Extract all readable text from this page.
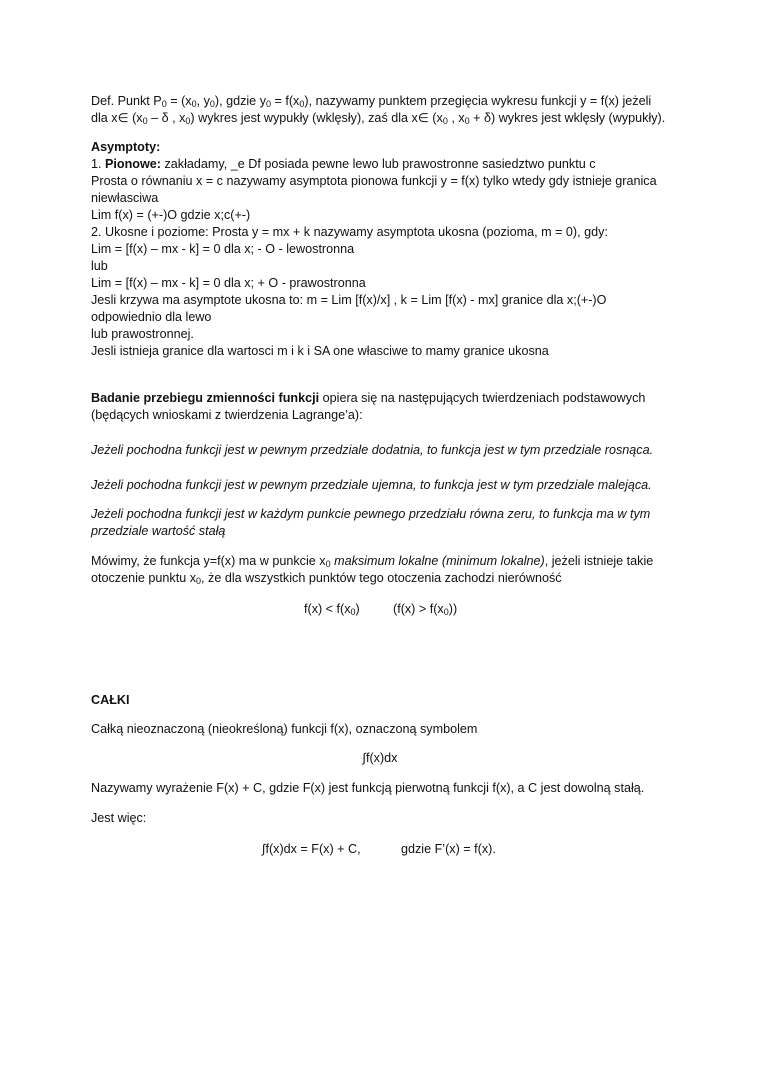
Def. Punkt $P_0 = (x_0$, $y_0$), gdzie $y_0 = f(x_0)$, nazywamy punktem przegięcia wykresu funkcji y = f(x) jeżeli
dla x∈ ($x_0$ – δ , $x_0$) wykres jest wypukły (wklęsły), zaś dla x∈ ($x_0$ , $x_0 + \delta$) wykres jest wklęsły (wypukły).
Asymptoty:
1. Pionowe: zakładamy, _e Df posiada pewne lewo lub prawostronne sasiedztwo punktu c
Prosta o równaniu x = c nazywamy asymptota pionowa funkcji y = f(x) tylko wtedy gdy istnieje granica
niewłasciwa
Lim f(x) = (+-)O gdzie x;c(+-)
2. Ukosne i poziome: Prosta y = mx + k nazywamy asymptota ukosna (pozioma, m = 0), gdy:
Lim = [f(x) – mx - k] = 0 dla x; - O - lewostronna
lub
Lim = [f(x) – mx - k] = 0 dla x; + O - prawostronna
Jesli krzywa ma asymptote ukosna to: m = Lim [f(x)/x] , k = Lim [f(x) - mx] granice dla x;(+-)O
odpowiednio dla lewo
lub prawostronnej.
Jesli istnieja granice dla wartosci m i k i SA one własciwe to mamy granice ukosna
Badanie przebiegu zmienności funkcji opiera się na następujących twierdzeniach podstawowych
(będących wnioskami z twierdzenia Lagrange’a):
Jeżeli pochodna funkcji jest w pewnym przedziale dodatnia, to funkcja jest w tym przedziale rosnąca.
Jeżeli pochodna funkcji jest w pewnym przedziale ujemna, to funkcja jest w tym przedziale malejąca.
Jeżeli pochodna funkcji jest w każdym punkcie pewnego przedziału równa zeru, to funkcja ma w tym
przedziale wartość stałą
Mówimy, że funkcja y=f(x) ma w punkcie $x_0$ maksimum lokalne (minimum lokalne), jeżeli istnieje takie
otoczenie punktu $x_0$, że dla wszystkich punktów tego otoczenia zachodzi nierówność
$f(x) < f(x_0)$	$(f(x) > f(x_0))$
CAŁKI
Całką nieoznaczoną (nieokreśloną) funkcji f(x), oznaczoną symbolem
∫f(x)dx
Nazywamy wyrażenie F(x) + C, gdzie F(x) jest funkcją pierwotną funkcji f(x), a C jest dowolną stałą.
Jest więc:
∫f(x)dx = F(x) + C,	gdzie F’(x) = f(x).
